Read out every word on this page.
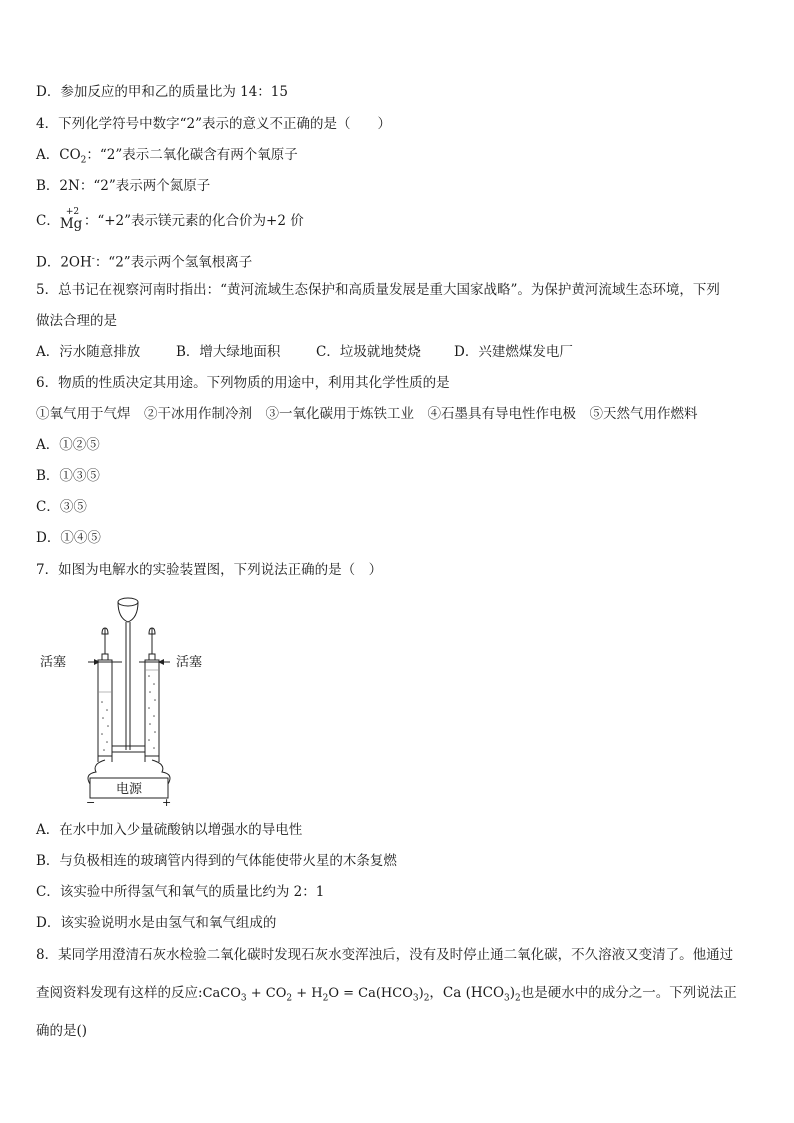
D．参加反应的甲和乙的质量比为 14：15
4．下列化学符号中数字“2”表示的意义不正确的是（　　）
A．$CO_2$：“2”表示二氧化碳含有两个氧原子
B．2N：“2”表示两个氮原子
C．
+2
Mg ：“+2”表示镁元素的化合价为+2 价
D．2OH-：“2”表示两个氢氧根离子
5．总书记在视察河南时指出：“黄河流域生态保护和高质量发展是重大国家战略”。为保护黄河流域生态环境，下列
做法合理的是
A．污水随意排放	B．增大绿地面积	C．垃圾就地焚烧 D．兴建燃煤发电厂
6．物质的性质决定其用途。下列物质的用途中，利用其化学性质的是
①氧气用于气焊　②干冰用作制冷剂　③一氧化碳用于炼铁工业　④石墨具有导电性作电极　⑤天然气用作燃料
A．①②⑤
B．①③⑤
C．③⑤
D．①④⑤
7．如图为电解水的实验装置图，下列说法正确的是（　）
电源
−	+
活塞	活塞
A．在水中加入少量硫酸钠以增强水的导电性
B．与负极相连的玻璃管内得到的气体能使带火星的木条复燃
C．该实验中所得氢气和氧气的质量比约为 2：1
D．该实验说明水是由氢气和氧气组成的
8．某同学用澄清石灰水检验二氧化碳时发现石灰水变浑浊后，没有及时停止通二氧化碳，不久溶液又变清了。他通过
查阅资料发现有这样的反应:CaCO$_3$ + $CO_2 + H_2O = Ca(HCO_3)_2$，Ca $(HCO_3)_2$也是硬水中的成分之一。下列说法正
确的是()
